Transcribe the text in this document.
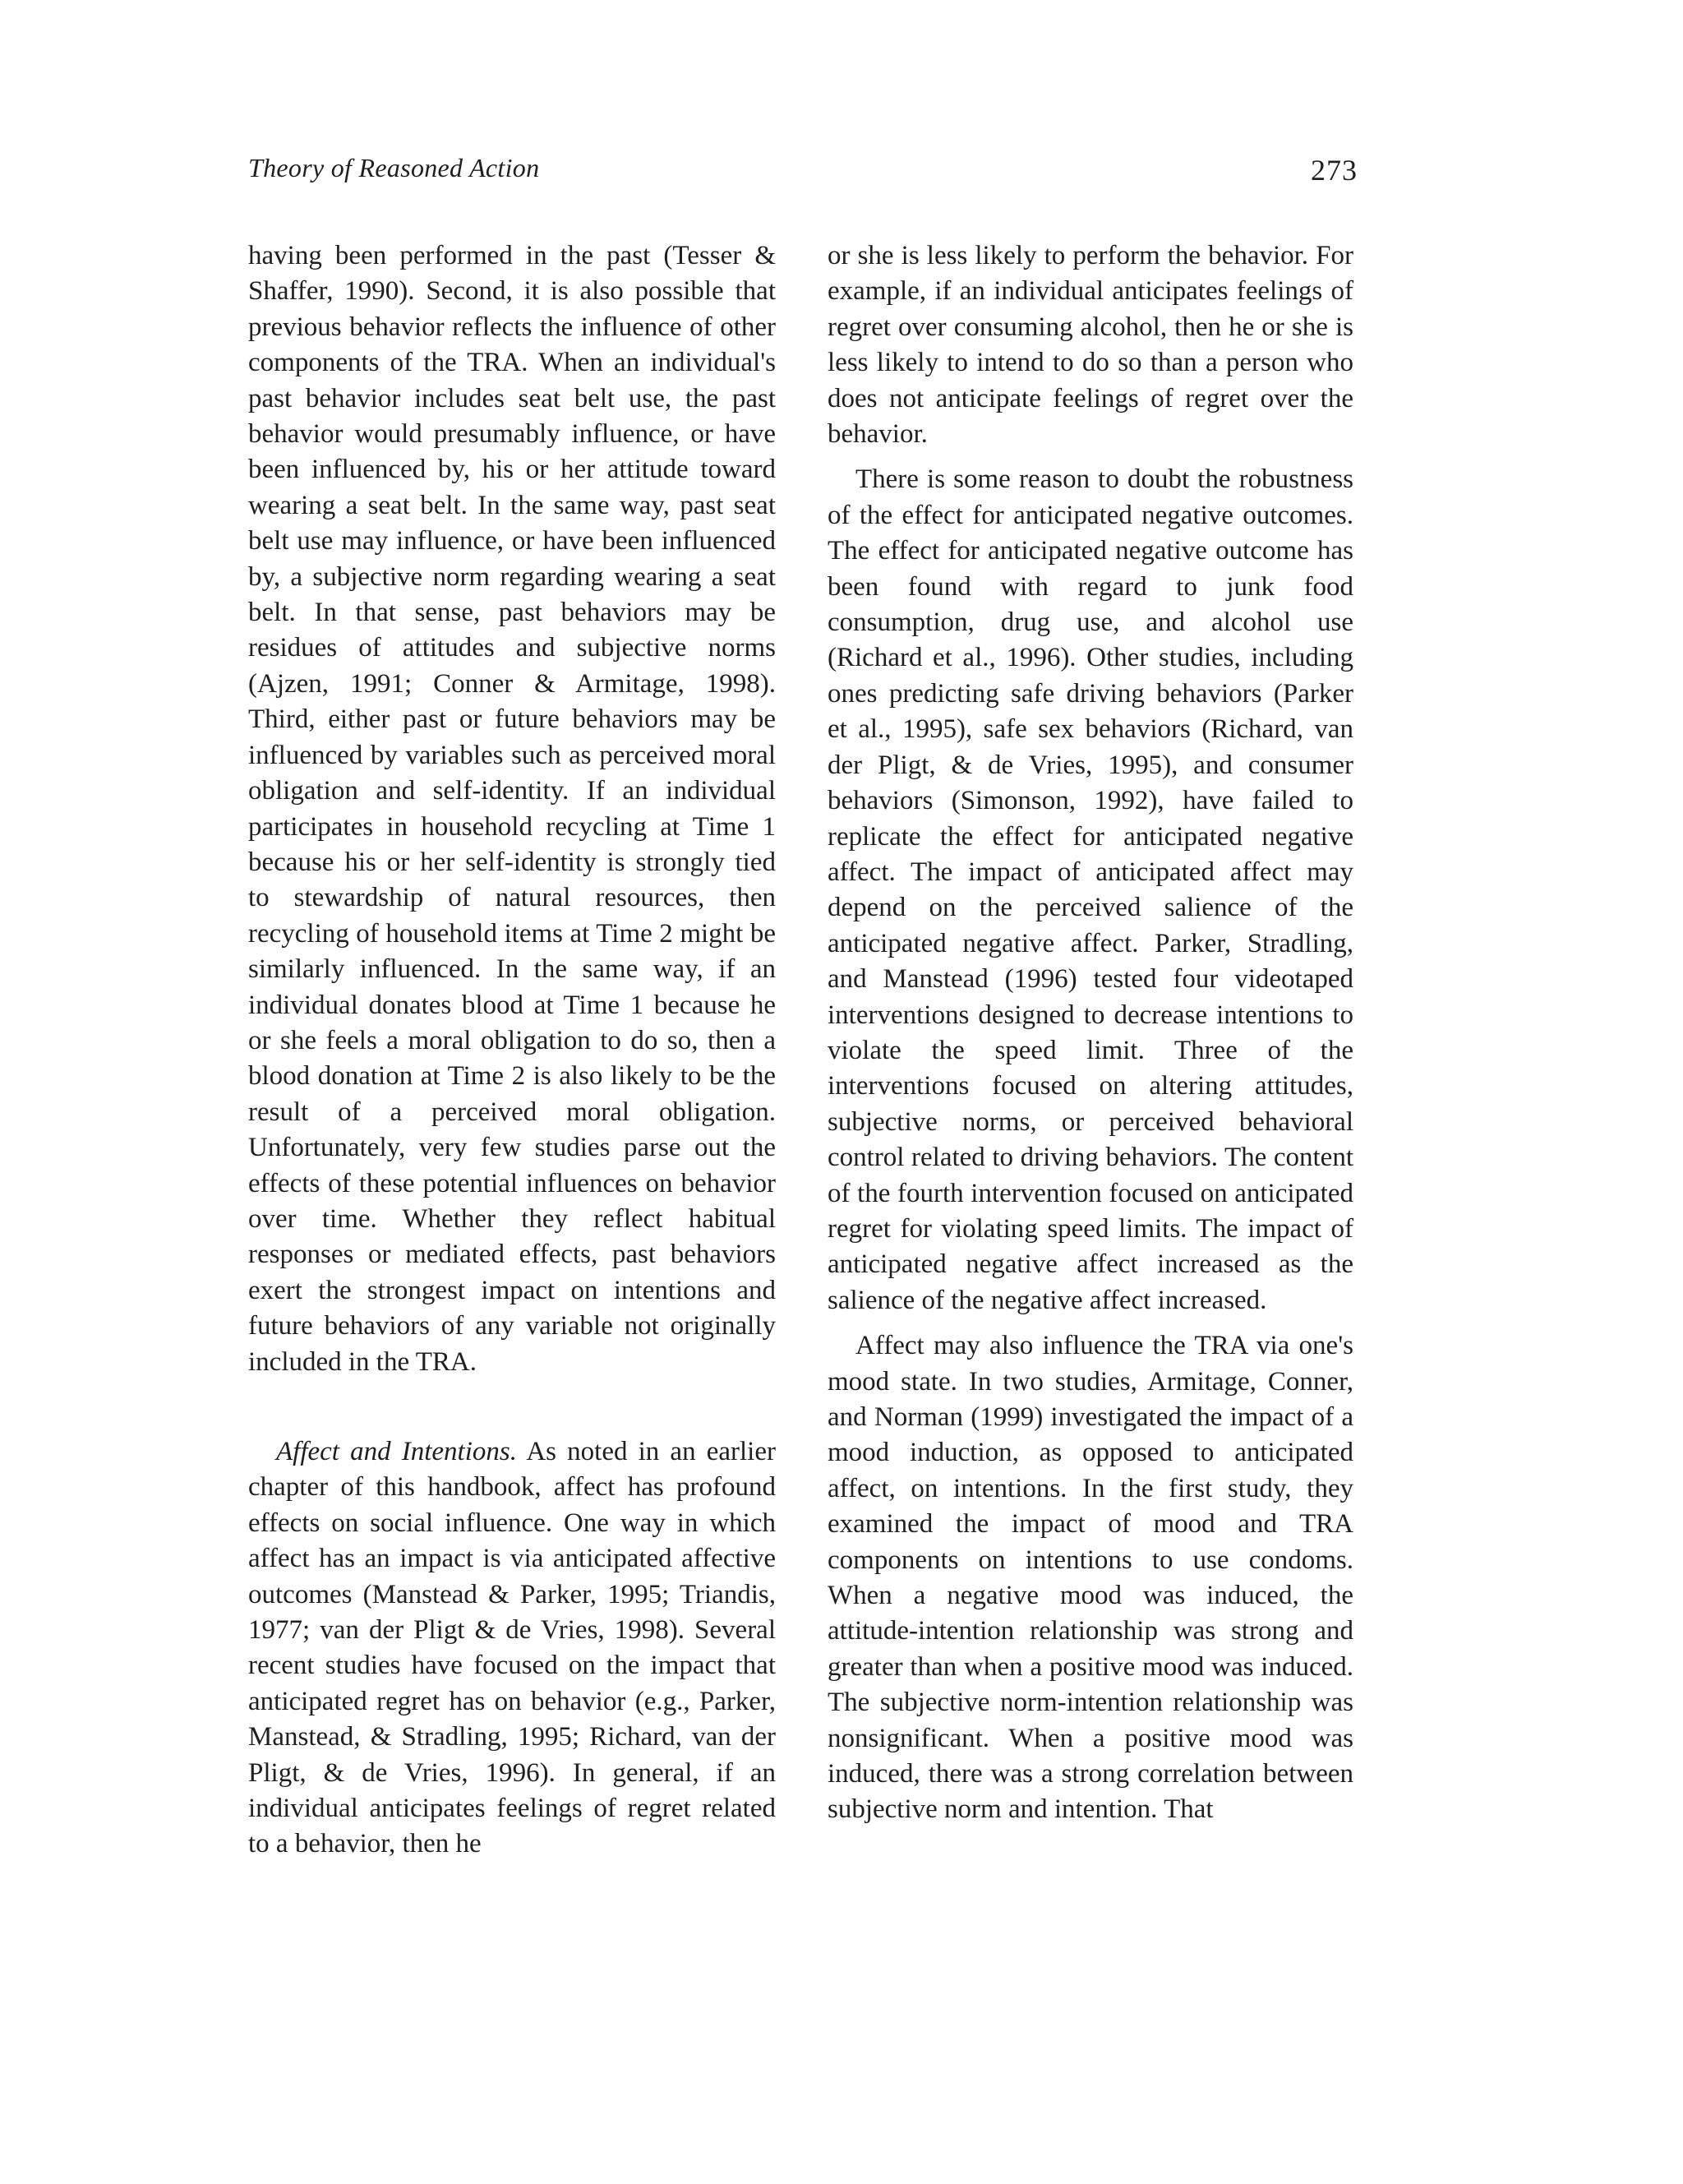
Theory of Reasoned Action	273

having been performed in the past (Tesser & Shaffer, 1990). Second, it is also possible that previous behavior reflects the influence of other components of the TRA. When an individual's past behavior includes seat belt use, the past behavior would presumably influence, or have been influenced by, his or her attitude toward wearing a seat belt. In the same way, past seat belt use may influence, or have been influenced by, a subjective norm regarding wearing a seat belt. In that sense, past behaviors may be residues of attitudes and subjective norms (Ajzen, 1991; Conner & Armitage, 1998). Third, either past or future behaviors may be influenced by variables such as perceived moral obligation and self-identity. If an individual participates in household recycling at Time 1 because his or her self-identity is strongly tied to stewardship of natural resources, then recycling of household items at Time 2 might be similarly influenced. In the same way, if an individual donates blood at Time 1 because he or she feels a moral obligation to do so, then a blood donation at Time 2 is also likely to be the result of a perceived moral obligation. Unfortunately, very few studies parse out the effects of these potential influences on behavior over time. Whether they reflect habitual responses or mediated effects, past behaviors exert the strongest impact on intentions and future behaviors of any variable not originally included in the TRA.

Affect and Intentions. As noted in an earlier chapter of this handbook, affect has profound effects on social influence. One way in which affect has an impact is via anticipated affective outcomes (Manstead & Parker, 1995; Triandis, 1977; van der Pligt & de Vries, 1998). Several recent studies have focused on the impact that anticipated regret has on behavior (e.g., Parker, Manstead, & Stradling, 1995; Richard, van der Pligt, & de Vries, 1996). In general, if an individual anticipates feelings of regret related to a behavior, then he

or she is less likely to perform the behavior. For example, if an individual anticipates feelings of regret over consuming alcohol, then he or she is less likely to intend to do so than a person who does not anticipate feelings of regret over the behavior.

There is some reason to doubt the robustness of the effect for anticipated negative outcomes. The effect for anticipated negative outcome has been found with regard to junk food consumption, drug use, and alcohol use (Richard et al., 1996). Other studies, including ones predicting safe driving behaviors (Parker et al., 1995), safe sex behaviors (Richard, van der Pligt, & de Vries, 1995), and consumer behaviors (Simonson, 1992), have failed to replicate the effect for anticipated negative affect. The impact of anticipated affect may depend on the perceived salience of the anticipated negative affect. Parker, Stradling, and Manstead (1996) tested four videotaped interventions designed to decrease intentions to violate the speed limit. Three of the interventions focused on altering attitudes, subjective norms, or perceived behavioral control related to driving behaviors. The content of the fourth intervention focused on anticipated regret for violating speed limits. The impact of anticipated negative affect increased as the salience of the negative affect increased.

Affect may also influence the TRA via one's mood state. In two studies, Armitage, Conner, and Norman (1999) investigated the impact of a mood induction, as opposed to anticipated affect, on intentions. In the first study, they examined the impact of mood and TRA components on intentions to use condoms. When a negative mood was induced, the attitude-intention relationship was strong and greater than when a positive mood was induced. The subjective norm-intention relationship was nonsignificant. When a positive mood was induced, there was a strong correlation between subjective norm and intention. That
